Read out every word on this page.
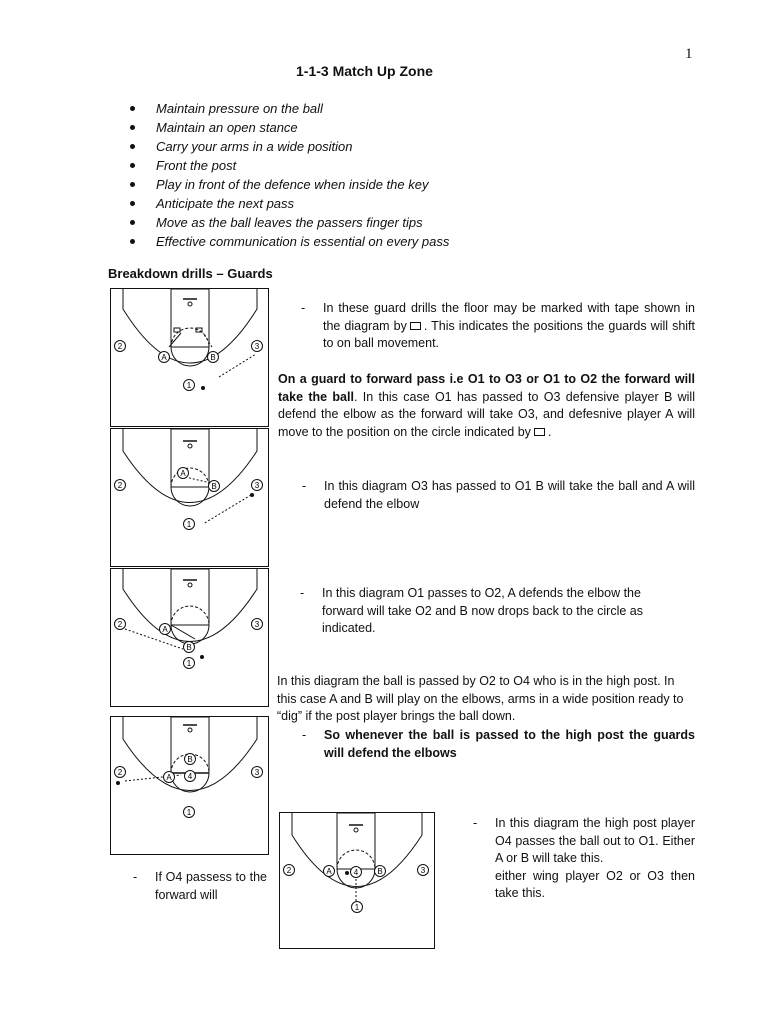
1
1-1-3 Match Up Zone
Maintain pressure on the ball
Maintain an open stance
Carry your arms in a wide position
Front the post
Play in front of the defence when inside the key
Anticipate the next pass
Move as the ball leaves the passers finger tips
Effective communication is essential on every pass
Breakdown drills – Guards
2	3
A	B
1
- In these guard drills the floor may be marked with tape shown in the diagram by . This indicates the positions the guards will shift to on ball movement.
On a guard to forward pass i.e O1 to O3 or O1 to O2 the forward will take the ball. In this case O1 has passed to O3 defensive player B will defend the elbow as the forward will take O3, and defesnive player A will move to the position on the circle indicated by .
2	3
A
B
1
- In this diagram O3 has passed to O1 B will take the ball and A will defend the elbow
2	3
A
B
1
- In this diagram O1 passes to O2, A defends the elbow the forward will take O2 and B now drops back to the circle as indicated.
In this diagram the ball is passed by O2 to O4 who is in the high post. In this case A and B will play on the elbows, arms in a wide position ready to “dig” if the post player brings the ball down.
- So whenever the ball is passed to the high post the guards will defend the elbows
2	3
A
B
4
1
2	3
A	B
4
1
- In this diagram the high post player O4 passes the ball out to O1. Either A or B will take this.
either wing player O2 or O3 then take this.
- If O4 passess to the forward will
